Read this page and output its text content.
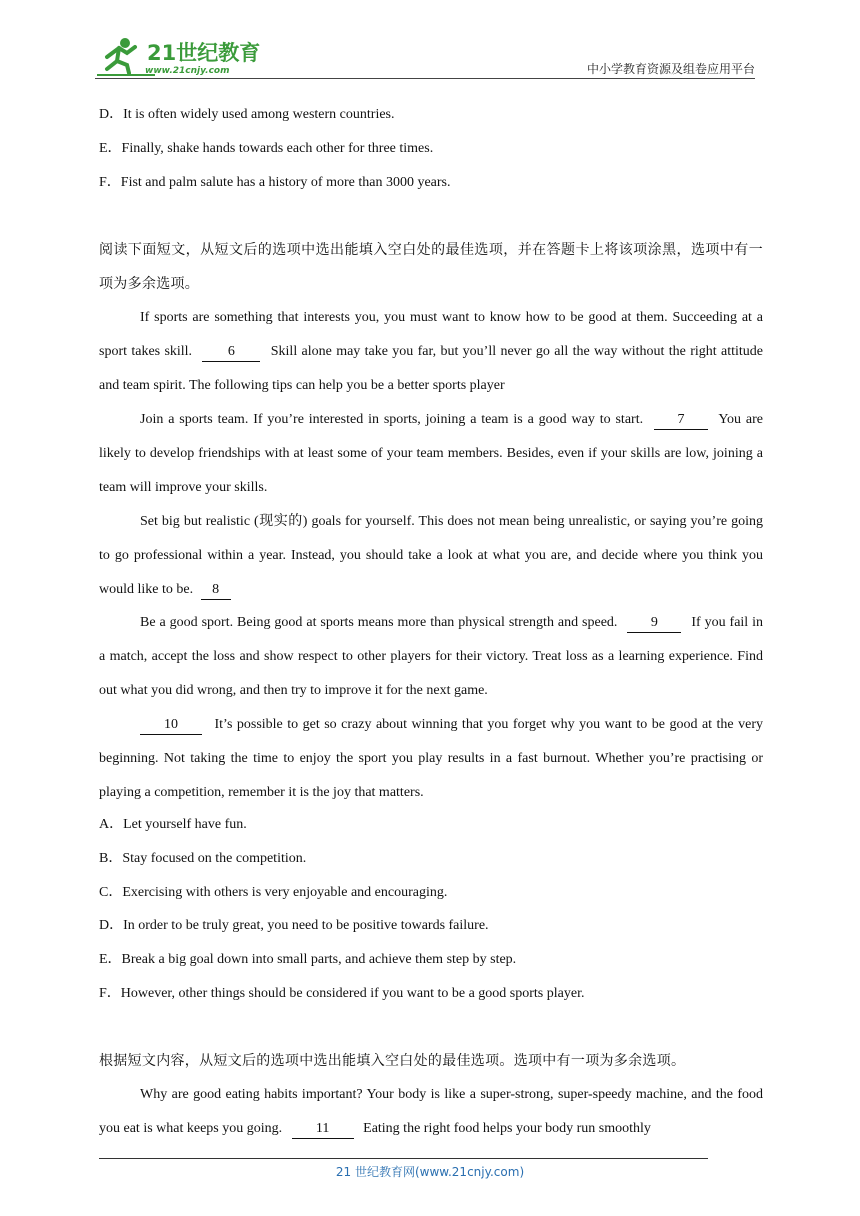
21世纪教育
www.21cnjy.com	中小学教育资源及组卷应用平台
D．It is often widely used among western countries.
E．Finally, shake hands towards each other for three times.
F．Fist and palm salute has a history of more than 3000 years.
阅读下面短文，从短文后的选项中选出能填入空白处的最佳选项，并在答题卡上将该项涂黑，选项中有一项为多余选项。
If sports are something that interests you, you must want to know how to be good at them. Succeeding at a sport takes skill.	6	Skill alone may take you far, but you’ll never go all the way without the right attitude and team spirit. The following tips can help you be a better sports player
Join a sports team. If you’re interested in sports, joining a team is a good way to start. 7 You are likely to develop friendships with at least some of your team members. Besides, even if your skills are low, joining a team will improve your skills.
Set big but realistic (现实的) goals for yourself. This does not mean being unrealistic, or saying you’re going to go professional within a year. Instead, you should take a look at what you are, and decide where you think you would like to be. 8
Be a good sport. Being good at sports means more than physical strength and speed. 9 If you fail in a match, accept the loss and show respect to other players for their victory. Treat loss as a learning experience. Find out what you did wrong, and then try to improve it for the next game.
10	It’s possible to get so crazy about winning that you forget why you want to be good at the very beginning. Not taking the time to enjoy the sport you play results in a fast burnout. Whether you’re practising or playing a competition, remember it is the joy that matters.
A．Let yourself have fun.
B．Stay focused on the competition.
C．Exercising with others is very enjoyable and encouraging.
D．In order to be truly great, you need to be positive towards failure.
E．Break a big goal down into small parts, and achieve them step by step.
F．However, other things should be considered if you want to be a good sports player.
根据短文内容，从短文后的选项中选出能填入空白处的最佳选项。选项中有一项为多余选项。
Why are good eating habits important? Your body is like a super-strong, super-speedy machine, and the food you eat is what keeps you going. 11 Eating the right food helps your body run smoothly
21 世纪教育网(www.21cnjy.com)
